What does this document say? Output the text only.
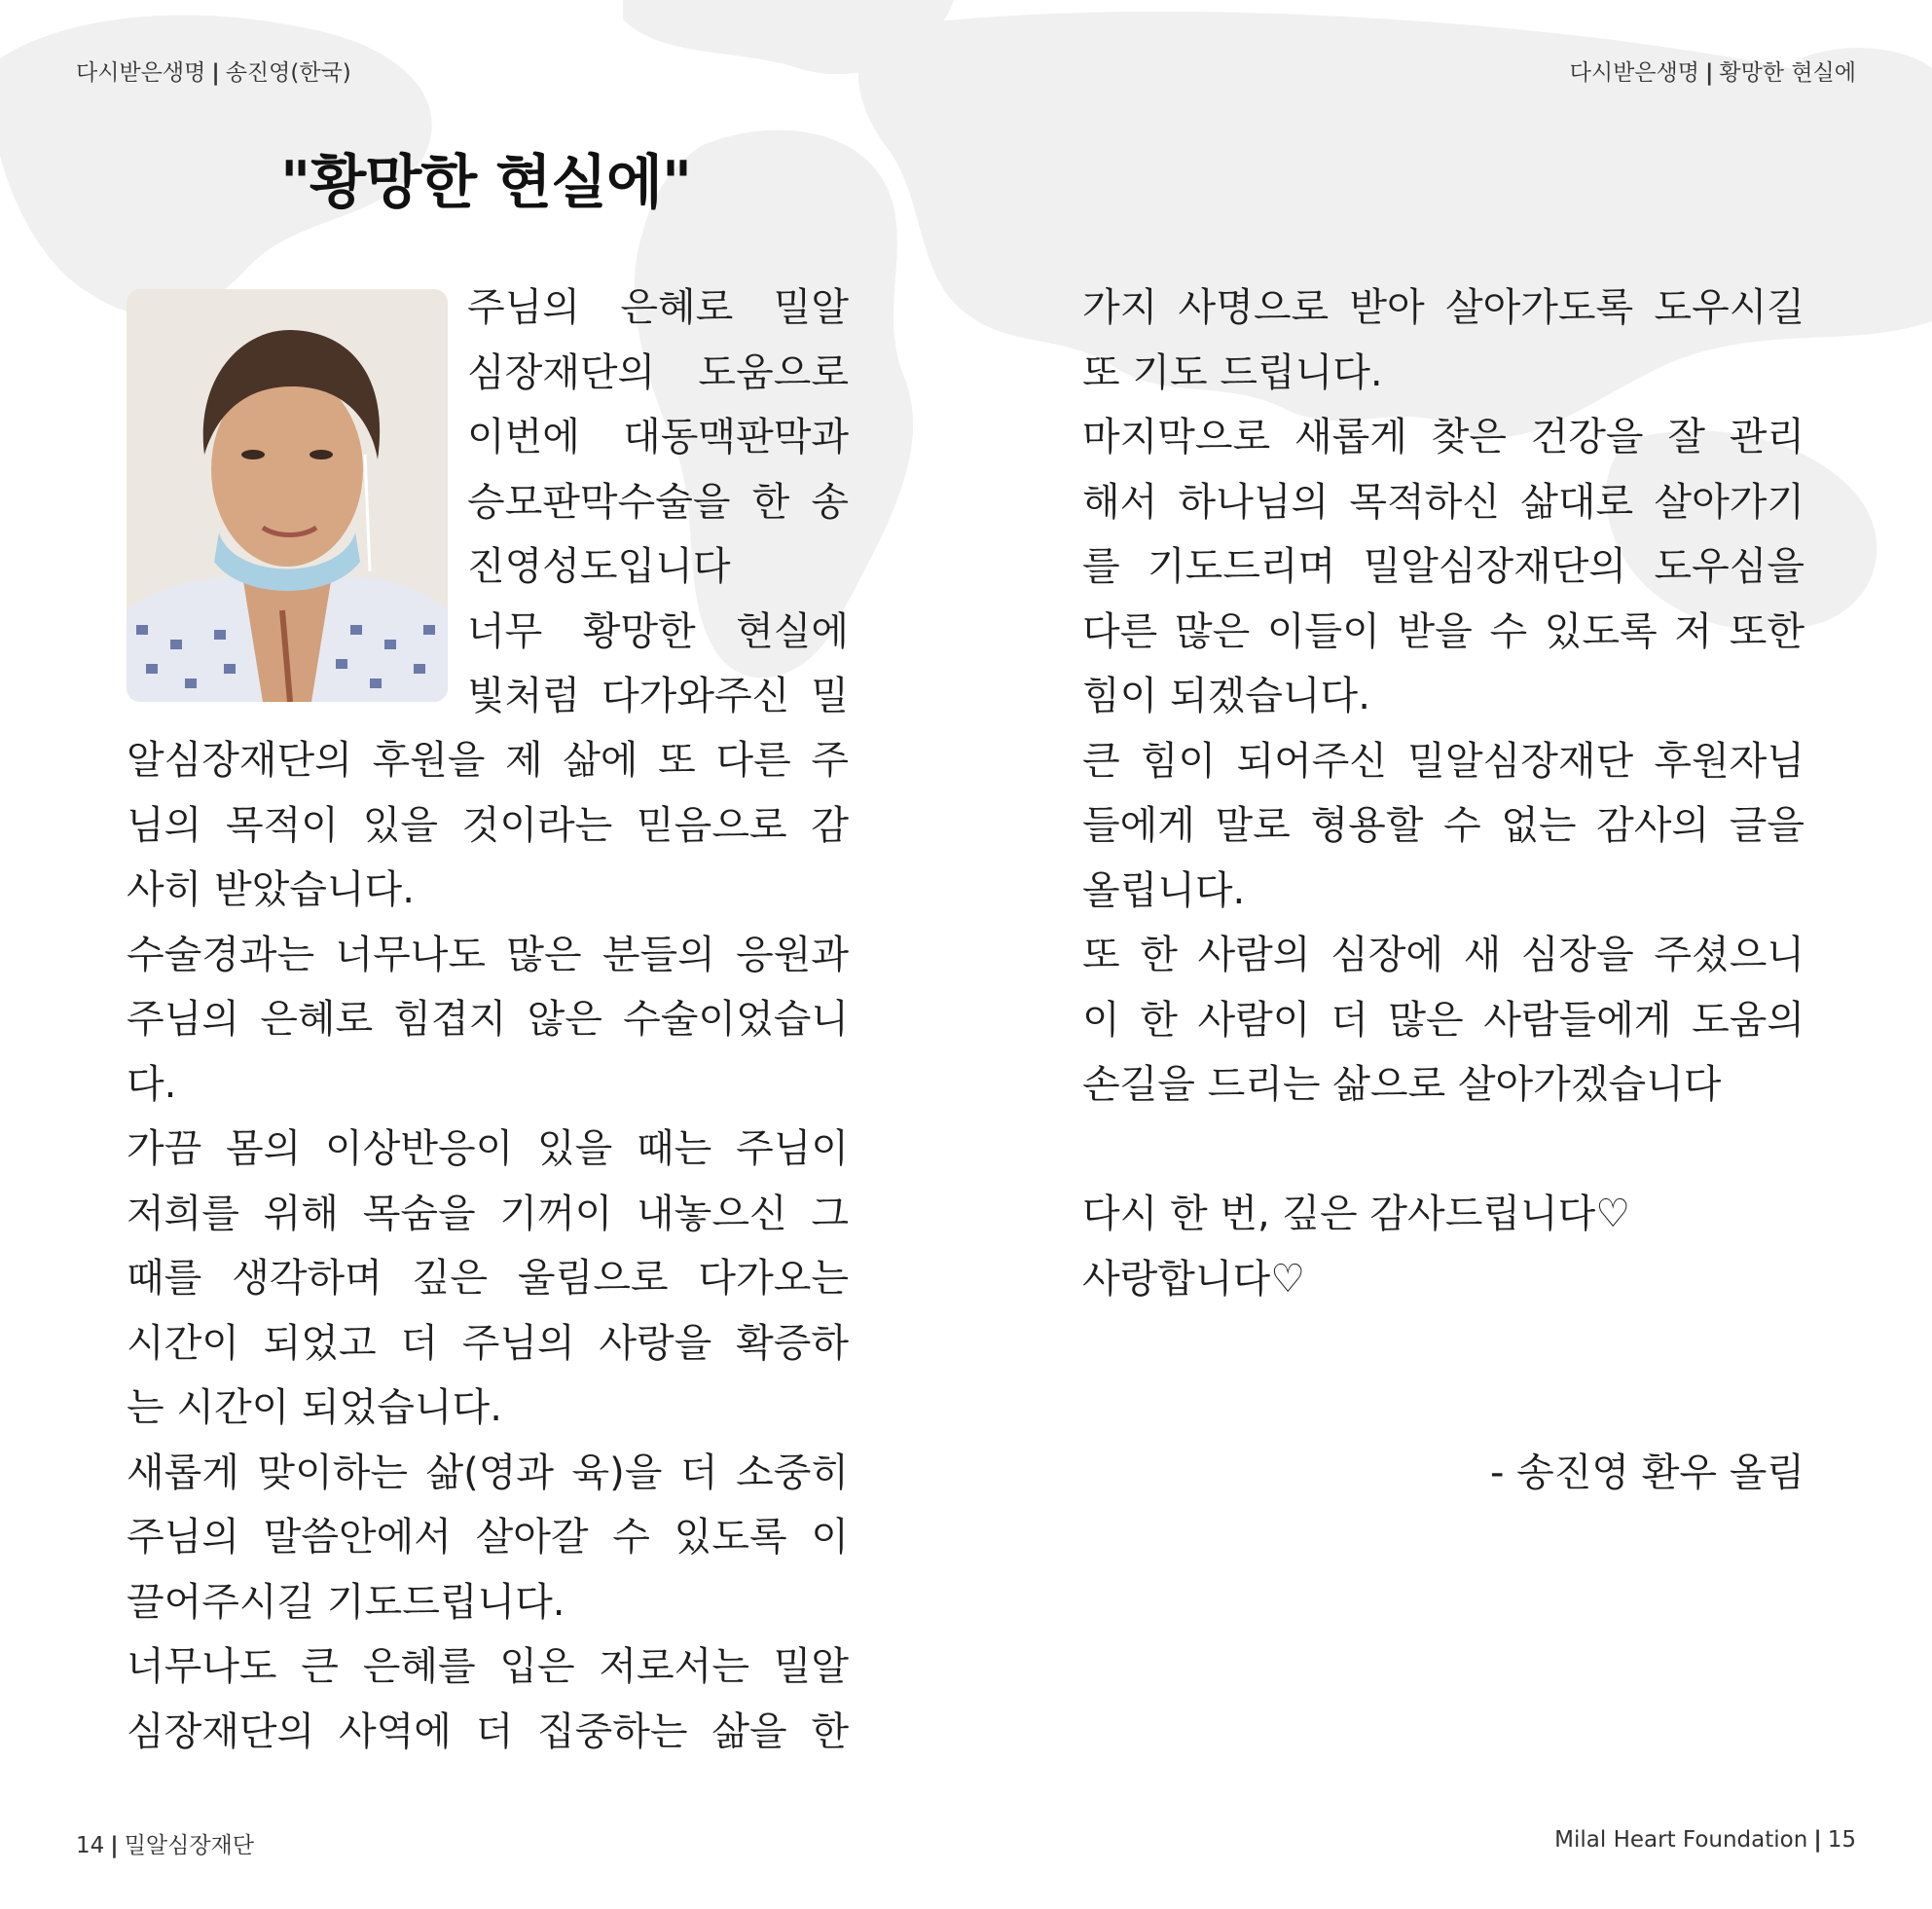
다시받은생명 | 송진영(한국)	다시받은생명 | 황망한 현실에
"황망한 현실에"
주님의 은혜로 밀알
심장재단의 도움으로
이번에 대동맥판막과
승모판막수술을 한 송
진영성도입니다
너무 황망한 현실에
빛처럼 다가와주신 밀
알심장재단의 후원을 제 삶에 또 다른 주
님의 목적이 있을 것이라는 믿음으로 감
사히 받았습니다.
수술경과는 너무나도 많은 분들의 응원과
주님의 은혜로 힘겹지 않은 수술이었습니
다.
가끔 몸의 이상반응이 있을 때는 주님이
저희를 위해 목숨을 기꺼이 내놓으신 그
때를 생각하며 깊은 울림으로 다가오는
시간이 되었고 더 주님의 사랑을 확증하
는 시간이 되었습니다.
새롭게 맞이하는 삶(영과 육)을 더 소중히
주님의 말씀안에서 살아갈 수 있도록 이
끌어주시길 기도드립니다.
너무나도 큰 은혜를 입은 저로서는 밀알
심장재단의 사역에 더 집중하는 삶을 한
가지 사명으로 받아 살아가도록 도우시길
또 기도 드립니다.
마지막으로 새롭게 찾은 건강을 잘 관리
해서 하나님의 목적하신 삶대로 살아가기
를 기도드리며 밀알심장재단의 도우심을
다른 많은 이들이 받을 수 있도록 저 또한
힘이 되겠습니다.
큰 힘이 되어주신 밀알심장재단 후원자님
들에게 말로 형용할 수 없는 감사의 글을
올립니다.
또 한 사람의 심장에 새 심장을 주셨으니
이 한 사람이 더 많은 사람들에게 도움의
손길을 드리는 삶으로 살아가겠습니다
다시 한 번, 깊은 감사드립니다♡
사랑합니다♡
- 송진영 환우 올림
14 | 밀알심장재단	Milal Heart Foundation | 15
